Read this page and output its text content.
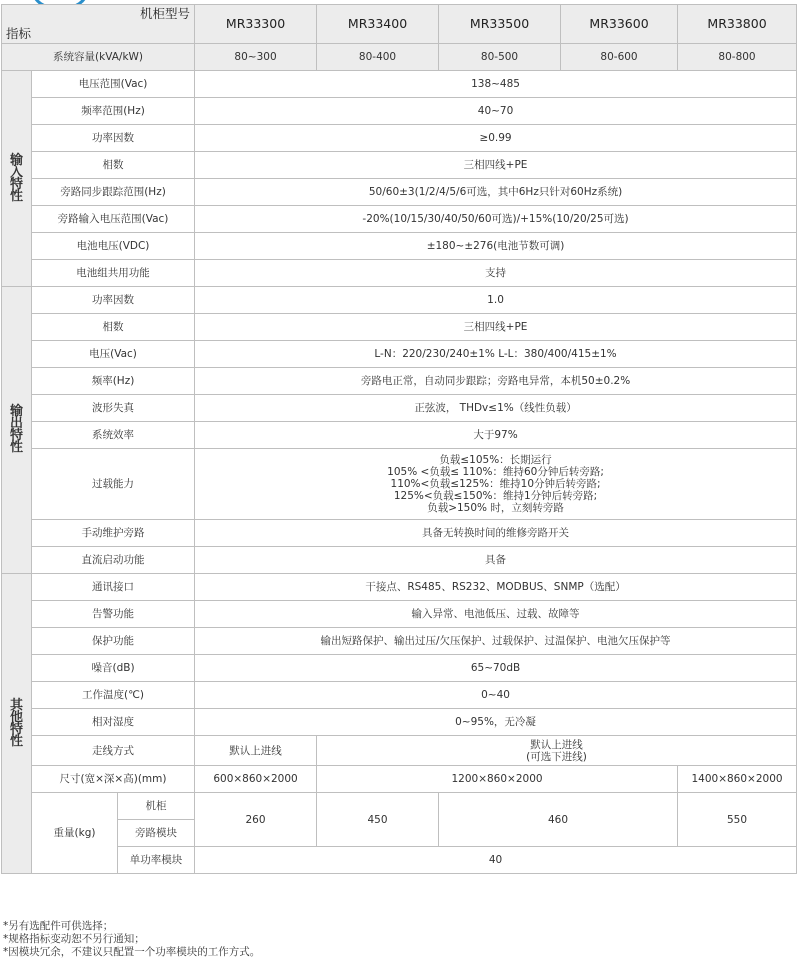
机柜型号
指标			MR33300	MR33400	MR33500	MR33600	MR33800
系统容量(kVA/kW)			80~300	80-400	80-500	80-600	80-800
输入特性	电压范围(Vac)		138~485				
	频率范围(Hz)		40~70				
	功率因数		≥0.99				
	相数		三相四线+PE				
	旁路同步跟踪范围(Hz)		50/60±3(1/2/4/5/6可选，其中6Hz只针对60Hz系统)				
	旁路输入电压范围(Vac)		-20%(10/15/30/40/50/60可选)/+15%(10/20/25可选)				
	电池电压(VDC)		±180~±276(电池节数可调)				
	电池组共用功能		支持				
输出特性	功率因数		1.0				
	相数		三相四线+PE				
	电压(Vac)		L-N：220/230/240±1% L-L：380/400/415±1%				
	频率(Hz)		旁路电正常，自动同步跟踪；旁路电异常，本机50±0.2%				
	波形失真		正弦波， THDv≤1%（线性负载）				
	系统效率		大于97%				
	过载能力		负载≤105%：长期运行
105% <负载≤ 110%：维持60分钟后转旁路;
110%<负载≤125%：维持10分钟后转旁路;
125%<负载≤150%：维持1分钟后转旁路;
负载>150% 时，立刻转旁路				

	手动维护旁路		具备无转换时间的维修旁路开关				
	直流启动功能		具备				
其他特性	通讯接口		干接点、RS485、RS232、MODBUS、SNMP（选配）				
	告警功能		输入异常、电池低压、过载、故障等				
	保护功能		输出短路保护、输出过压/欠压保护、过载保护、过温保护、电池欠压保护等				
	噪音(dB)		65~70dB				
	工作温度(℃)		0~40				
	相对湿度		0~95%，无冷凝				
	走线方式		默认上进线	默认上进线
(可选下进线)			

	尺寸(宽×深×高)(mm)		600×860×2000	1200×860×2000			1400×860×2000
	重量(kg)	机柜	260	450	460		550
		旁路模块					
		单功率模块	40				
*另有选配件可供选择；
*规格指标变动恕不另行通知；
*因模块冗余，不建议只配置一个功率模块的工作方式。
